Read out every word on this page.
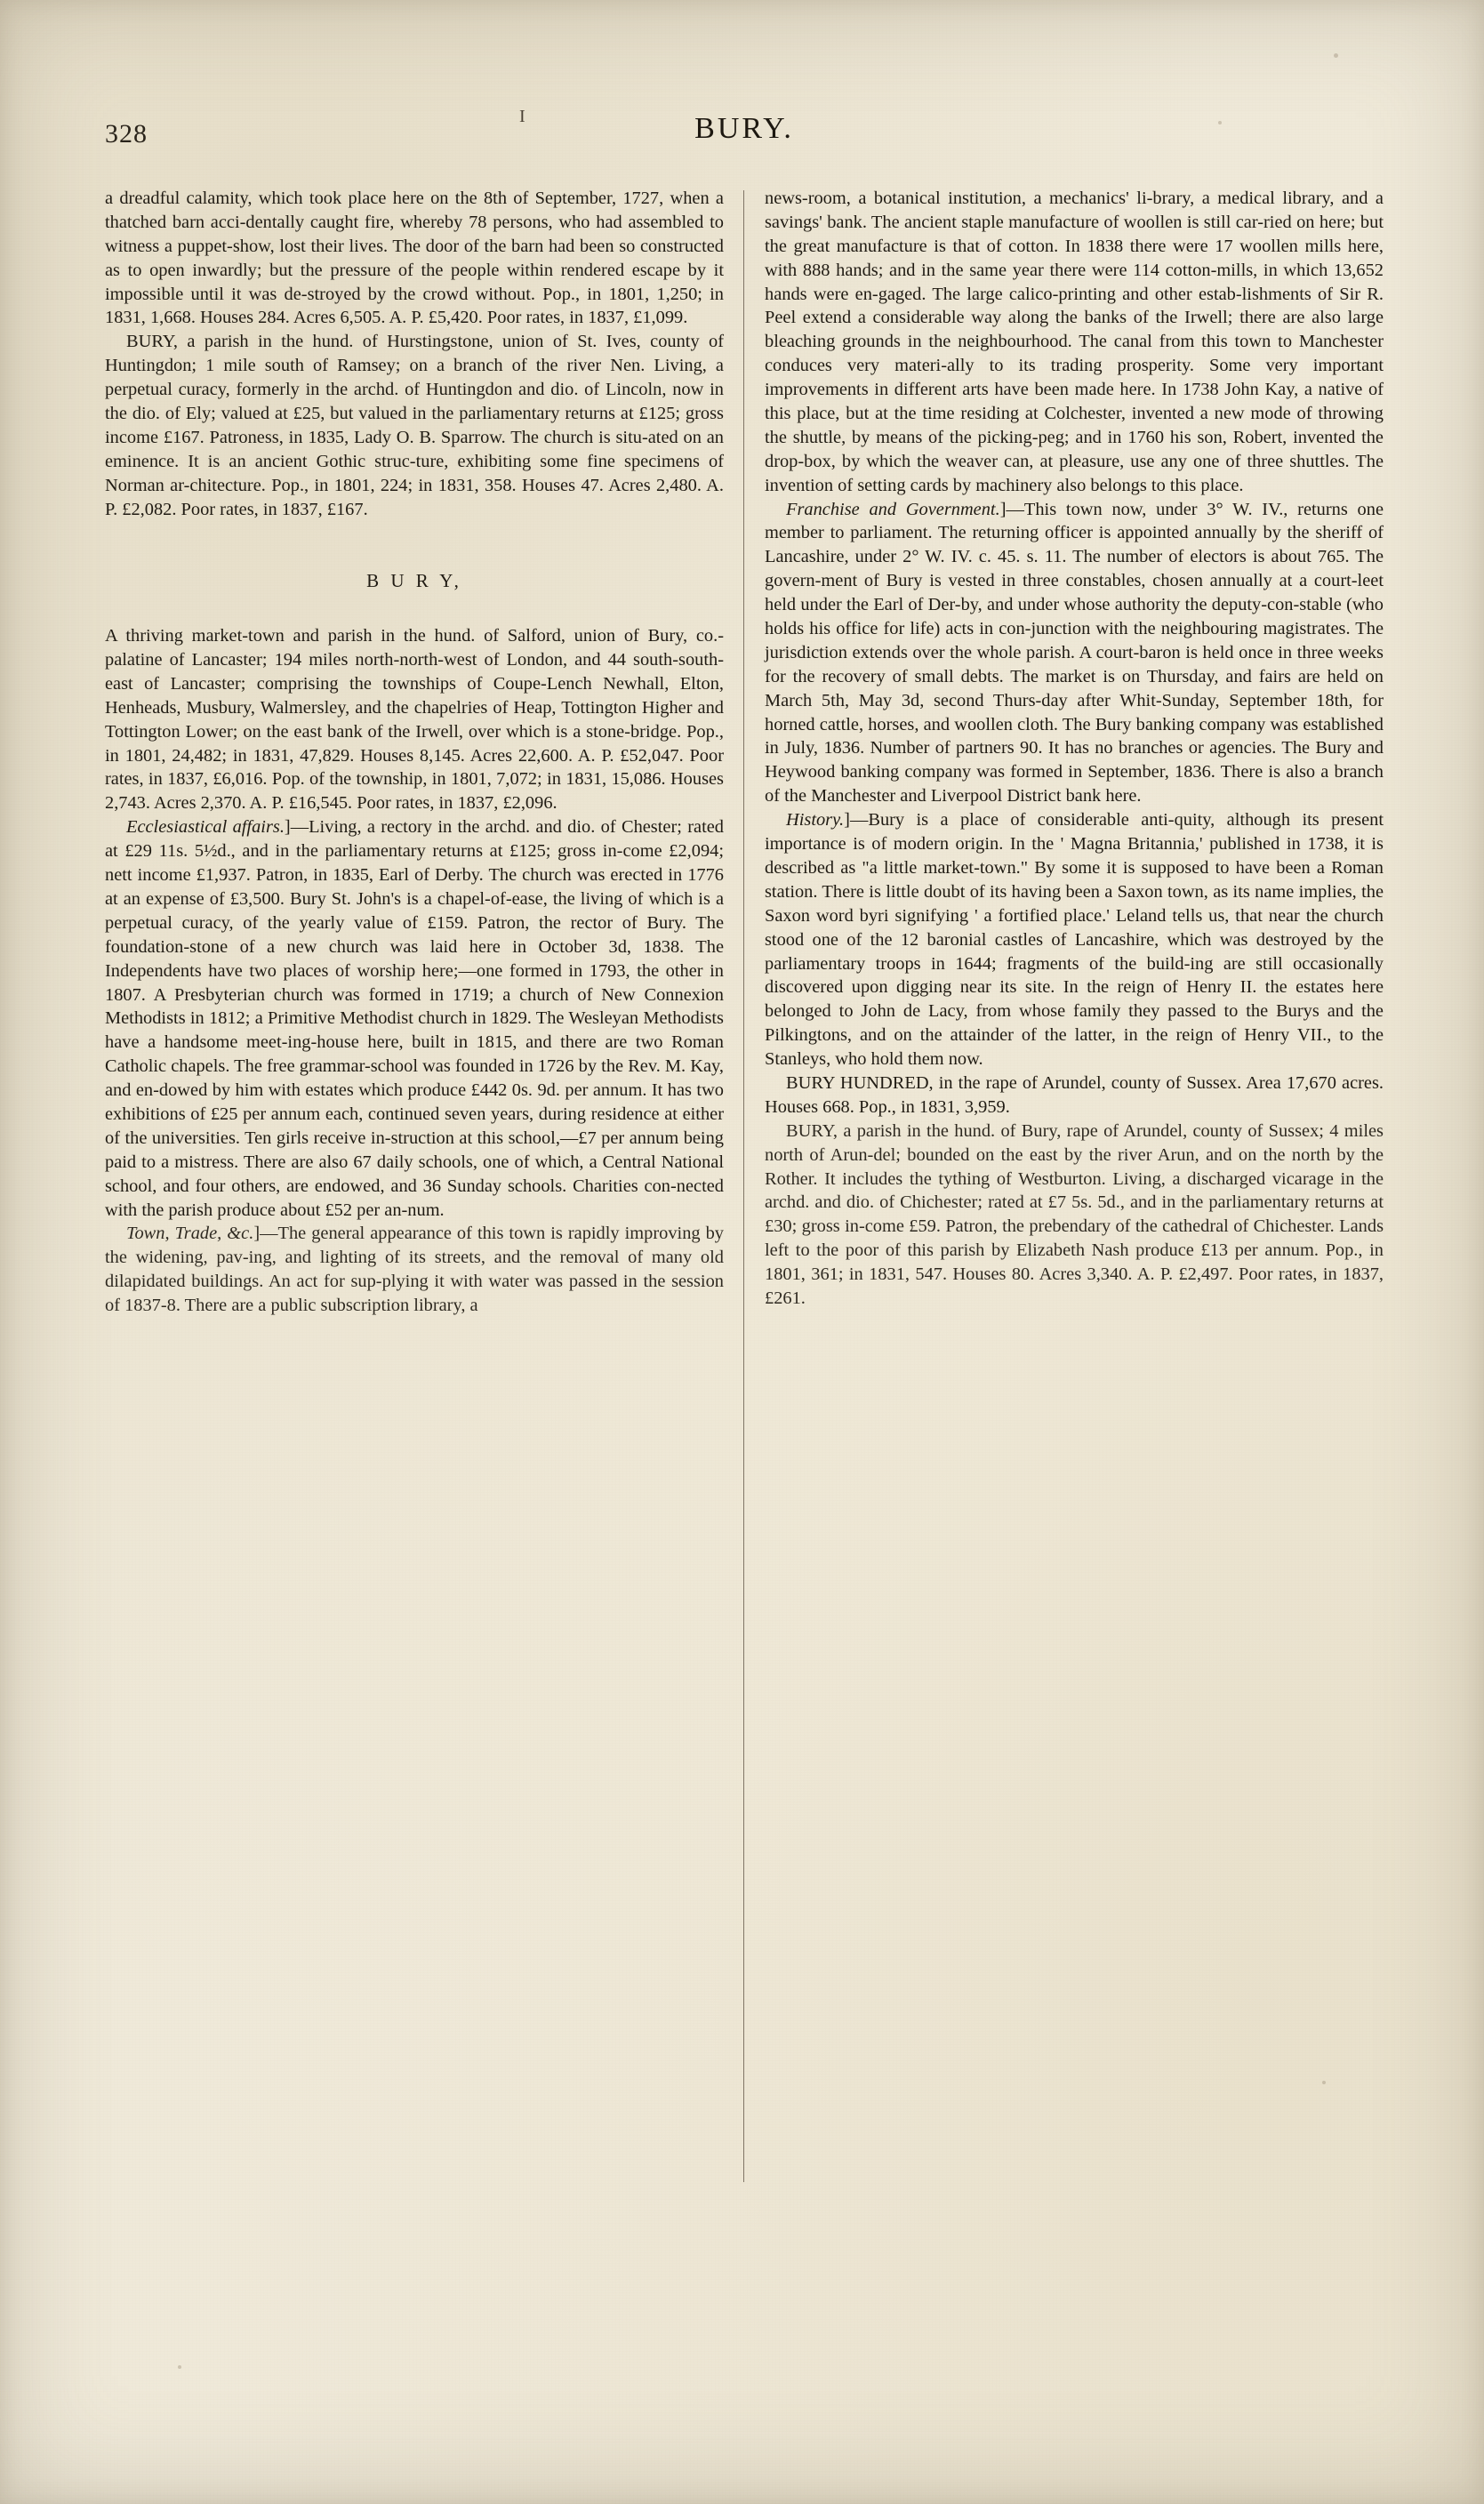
328
I	BURY.

a dreadful calamity, which took place here on the 8th of September, 1727, when a thatched barn acci-dentally caught fire, whereby 78 persons, who had assembled to witness a puppet-show, lost their lives. The door of the barn had been so constructed as to open inwardly; but the pressure of the people within rendered escape by it impossible until it was de-stroyed by the crowd without. Pop., in 1801, 1,250; in 1831, 1,668. Houses 284. Acres 6,505. A. P. £5,420. Poor rates, in 1837, £1,099.

BURY, a parish in the hund. of Hurstingstone, union of St. Ives, county of Huntingdon; 1 mile south of Ramsey; on a branch of the river Nen. Living, a perpetual curacy, formerly in the archd. of Huntingdon and dio. of Lincoln, now in the dio. of Ely; valued at £25, but valued in the parliamentary returns at £125; gross income £167. Patroness, in 1835, Lady O. B. Sparrow. The church is situ-ated on an eminence. It is an ancient Gothic struc-ture, exhibiting some fine specimens of Norman ar-chitecture. Pop., in 1801, 224; in 1831, 358. Houses 47. Acres 2,480. A. P. £2,082. Poor rates, in 1837, £167.

B U R Y,

A thriving market-town and parish in the hund. of Salford, union of Bury, co.-palatine of Lancaster; 194 miles north-north-west of London, and 44 south-south-east of Lancaster; comprising the townships of Coupe-Lench Newhall, Elton, Henheads, Musbury, Walmersley, and the chapelries of Heap, Tottington Higher and Tottington Lower; on the east bank of the Irwell, over which is a stone-bridge. Pop., in 1801, 24,482; in 1831, 47,829. Houses 8,145. Acres 22,600. A. P. £52,047. Poor rates, in 1837, £6,016. Pop. of the township, in 1801, 7,072; in 1831, 15,086. Houses 2,743. Acres 2,370. A. P. £16,545. Poor rates, in 1837, £2,096.

Ecclesiastical affairs.]—Living, a rectory in the archd. and dio. of Chester; rated at £29 11s. 5½d., and in the parliamentary returns at £125; gross in-come £2,094; nett income £1,937. Patron, in 1835, Earl of Derby. The church was erected in 1776 at an expense of £3,500. Bury St. John's is a chapel-of-ease, the living of which is a perpetual curacy, of the yearly value of £159. Patron, the rector of Bury. The foundation-stone of a new church was laid here in October 3d, 1838. The Independents have two places of worship here;—one formed in 1793, the other in 1807. A Presbyterian church was formed in 1719; a church of New Connexion Methodists in 1812; a Primitive Methodist church in 1829. The Wesleyan Methodists have a handsome meet-ing-house here, built in 1815, and there are two Roman Catholic chapels. The free grammar-school was founded in 1726 by the Rev. M. Kay, and en-dowed by him with estates which produce £442 0s. 9d. per annum. It has two exhibitions of £25 per annum each, continued seven years, during residence at either of the universities. Ten girls receive in-struction at this school,—£7 per annum being paid to a mistress. There are also 67 daily schools, one of which, a Central National school, and four others, are endowed, and 36 Sunday schools. Charities con-nected with the parish produce about £52 per an-num.

Town, Trade, &c.]—The general appearance of this town is rapidly improving by the widening, pav-ing, and lighting of its streets, and the removal of many old dilapidated buildings. An act for sup-plying it with water was passed in the session of 1837-8. There are a public subscription library, a

news-room, a botanical institution, a mechanics' li-brary, a medical library, and a savings' bank. The ancient staple manufacture of woollen is still car-ried on here; but the great manufacture is that of cotton. In 1838 there were 17 woollen mills here, with 888 hands; and in the same year there were 114 cotton-mills, in which 13,652 hands were en-gaged. The large calico-printing and other estab-lishments of Sir R. Peel extend a considerable way along the banks of the Irwell; there are also large bleaching grounds in the neighbourhood. The canal from this town to Manchester conduces very materi-ally to its trading prosperity. Some very important improvements in different arts have been made here. In 1738 John Kay, a native of this place, but at the time residing at Colchester, invented a new mode of throwing the shuttle, by means of the picking-peg; and in 1760 his son, Robert, invented the drop-box, by which the weaver can, at pleasure, use any one of three shuttles. The invention of setting cards by machinery also belongs to this place.

Franchise and Government.]—This town now, under 3° W. IV., returns one member to parliament. The returning officer is appointed annually by the sheriff of Lancashire, under 2° W. IV. c. 45. s. 11. The number of electors is about 765. The govern-ment of Bury is vested in three constables, chosen annually at a court-leet held under the Earl of Der-by, and under whose authority the deputy-con-stable (who holds his office for life) acts in con-junction with the neighbouring magistrates. The jurisdiction extends over the whole parish. A court-baron is held once in three weeks for the recovery of small debts. The market is on Thursday, and fairs are held on March 5th, May 3d, second Thurs-day after Whit-Sunday, September 18th, for horned cattle, horses, and woollen cloth. The Bury banking company was established in July, 1836. Number of partners 90. It has no branches or agencies. The Bury and Heywood banking company was formed in September, 1836. There is also a branch of the Manchester and Liverpool District bank here.

History.]—Bury is a place of considerable anti-quity, although its present importance is of modern origin. In the ' Magna Britannia,' published in 1738, it is described as "a little market-town." By some it is supposed to have been a Roman station. There is little doubt of its having been a Saxon town, as its name implies, the Saxon word byri signifying ' a fortified place.' Leland tells us, that near the church stood one of the 12 baronial castles of Lancashire, which was destroyed by the parliamentary troops in 1644; fragments of the build-ing are still occasionally discovered upon digging near its site. In the reign of Henry II. the estates here belonged to John de Lacy, from whose family they passed to the Burys and the Pilkingtons, and on the attainder of the latter, in the reign of Henry VII., to the Stanleys, who hold them now.

BURY HUNDRED, in the rape of Arundel, county of Sussex. Area 17,670 acres. Houses 668. Pop., in 1831, 3,959.

BURY, a parish in the hund. of Bury, rape of Arundel, county of Sussex; 4 miles north of Arun-del; bounded on the east by the river Arun, and on the north by the Rother. It includes the tything of Westburton. Living, a discharged vicarage in the archd. and dio. of Chichester; rated at £7 5s. 5d., and in the parliamentary returns at £30; gross in-come £59. Patron, the prebendary of the cathedral of Chichester. Lands left to the poor of this parish by Elizabeth Nash produce £13 per annum. Pop., in 1801, 361; in 1831, 547. Houses 80. Acres 3,340. A. P. £2,497. Poor rates, in 1837, £261.
